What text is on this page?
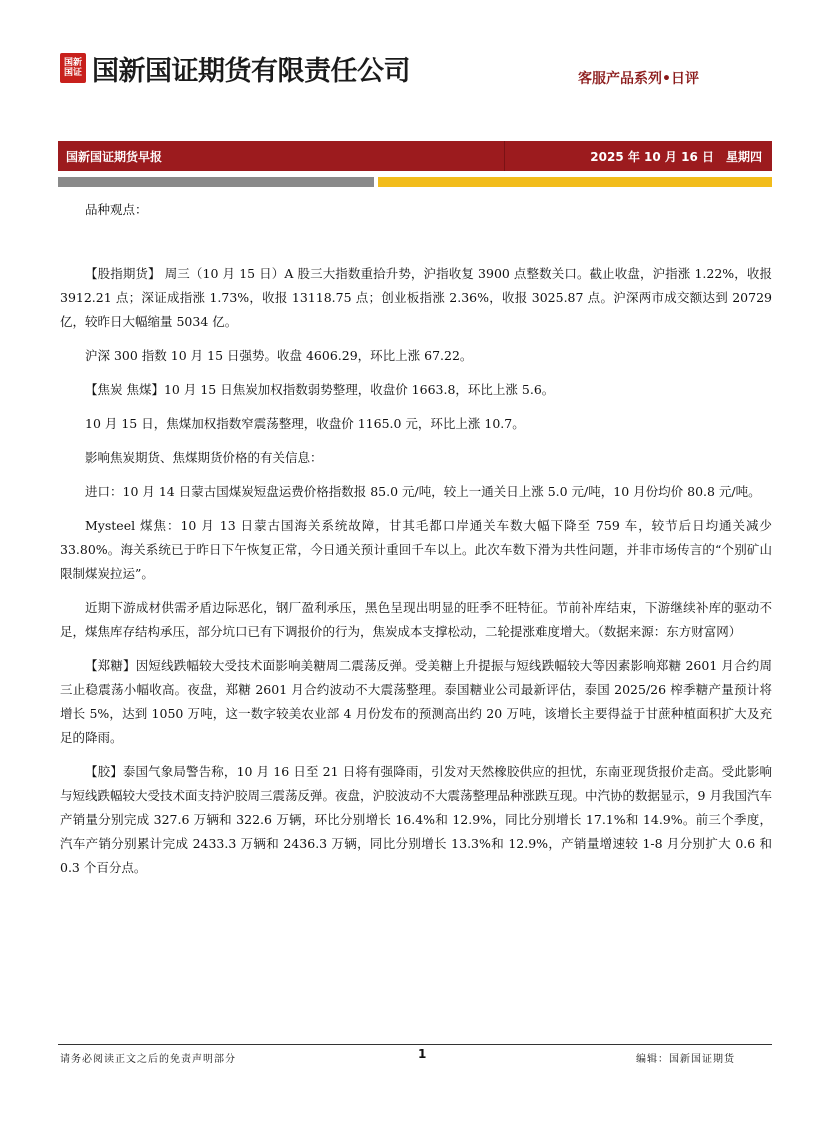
国新国证 国新国证期货有限责任公司	客服产品系列•日评
国新国证期货早报	2025 年 10 月 16 日 星期四

品种观点：

【股指期货】 周三（10 月 15 日）A 股三大指数重拾升势，沪指收复 3900 点整数关口。截止收盘，沪指涨 1.22%，收报 3912.21 点；深证成指涨 1.73%，收报 13118.75 点；创业板指涨 2.36%，收报 3025.87 点。沪深两市成交额达到 20729 亿，较昨日大幅缩量 5034 亿。

沪深 300 指数 10 月 15 日强势。收盘 4606.29，环比上涨 67.22。

【焦炭 焦煤】10 月 15 日焦炭加权指数弱势整理，收盘价 1663.8，环比上涨 5.6。

10 月 15 日，焦煤加权指数窄震荡整理，收盘价 1165.0 元，环比上涨 10.7。

影响焦炭期货、焦煤期货价格的有关信息：

进口：10 月 14 日蒙古国煤炭短盘运费价格指数报 85.0 元/吨，较上一通关日上涨 5.0 元/吨，10 月份均价 80.8 元/吨。

Mysteel 煤焦：10 月 13 日蒙古国海关系统故障，甘其毛都口岸通关车数大幅下降至 759 车，较节后日均通关减少 33.80%。海关系统已于昨日下午恢复正常，今日通关预计重回千车以上。此次车数下滑为共性问题，并非市场传言的“个别矿山限制煤炭拉运”。

近期下游成材供需矛盾边际恶化，钢厂盈利承压，黑色呈现出明显的旺季不旺特征。节前补库结束，下游继续补库的驱动不足，煤焦库存结构承压，部分坑口已有下调报价的行为，焦炭成本支撑松动，二轮提涨难度增大。（数据来源：东方财富网）

【郑糖】因短线跌幅较大受技术面影响美糖周二震荡反弹。受美糖上升提振与短线跌幅较大等因素影响郑糖 2601 月合约周三止稳震荡小幅收高。夜盘，郑糖 2601 月合约波动不大震荡整理。泰国糖业公司最新评估，泰国 2025/26 榨季糖产量预计将增长 5%，达到 1050 万吨，这一数字较美农业部 4 月份发布的预测高出约 20 万吨，该增长主要得益于甘蔗种植面积扩大及充足的降雨。

【胶】泰国气象局警告称，10 月 16 日至 21 日将有强降雨，引发对天然橡胶供应的担忧，东南亚现货报价走高。受此影响与短线跌幅较大受技术面支持沪胶周三震荡反弹。夜盘，沪胶波动不大震荡整理品种涨跌互现。中汽协的数据显示，9 月我国汽车产销量分别完成 327.6 万辆和 322.6 万辆，环比分别增长 16.4%和 12.9%，同比分别增长 17.1%和 14.9%。前三个季度，汽车产销分别累计完成 2433.3 万辆和 2436.3 万辆，同比分别增长 13.3%和 12.9%，产销量增速较 1-8 月分别扩大 0.6 和 0.3 个百分点。

请务必阅读正文之后的免责声明部分	1	编辑：国新国证期货
